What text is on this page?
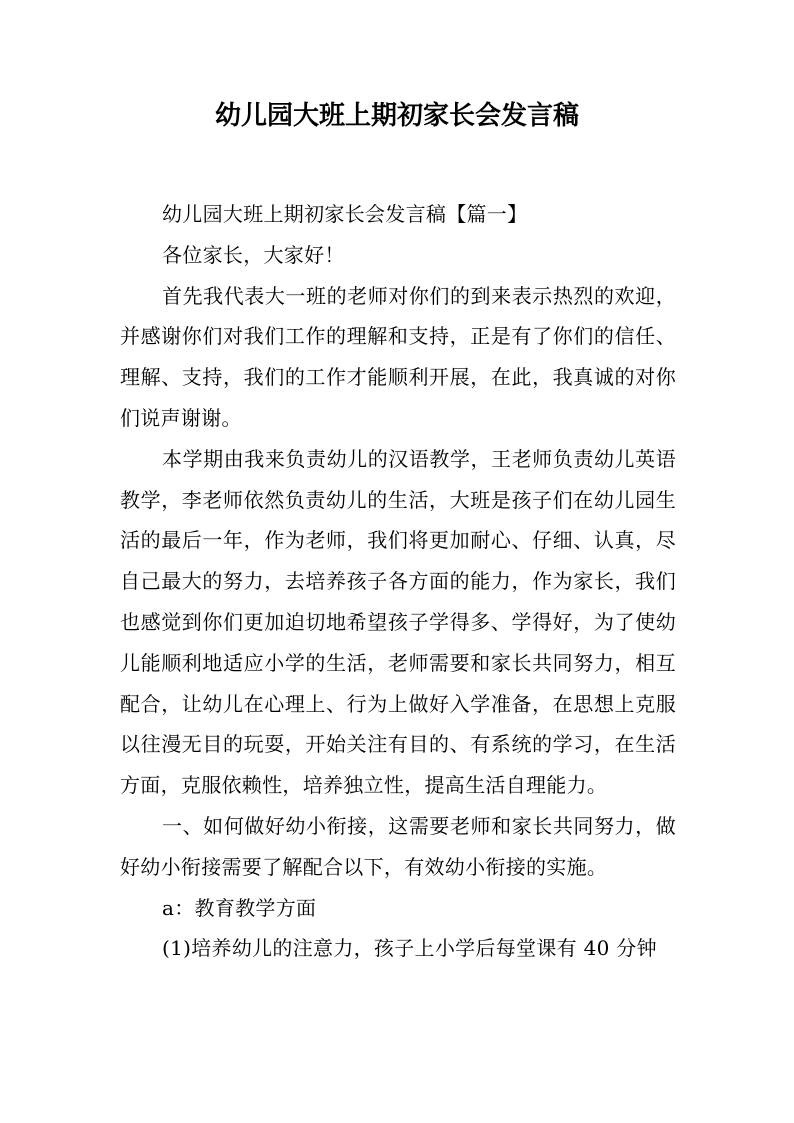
幼儿园大班上期初家长会发言稿

幼儿园大班上期初家长会发言稿【篇一】

各位家长，大家好！

首先我代表大一班的老师对你们的到来表示热烈的欢迎，并感谢你们对我们工作的理解和支持，正是有了你们的信任、理解、支持，我们的工作才能顺利开展，在此，我真诚的对你们说声谢谢。

本学期由我来负责幼儿的汉语教学，王老师负责幼儿英语教学，李老师依然负责幼儿的生活，大班是孩子们在幼儿园生活的最后一年，作为老师，我们将更加耐心、仔细、认真，尽自己最大的努力，去培养孩子各方面的能力，作为家长，我们也感觉到你们更加迫切地希望孩子学得多、学得好，为了使幼儿能顺利地适应小学的生活，老师需要和家长共同努力，相互配合，让幼儿在心理上、行为上做好入学准备，在思想上克服以往漫无目的玩耍，开始关注有目的、有系统的学习，在生活方面，克服依赖性，培养独立性，提高生活自理能力。

一、如何做好幼小衔接，这需要老师和家长共同努力，做好幼小衔接需要了解配合以下，有效幼小衔接的实施。

a：教育教学方面

(1)培养幼儿的注意力，孩子上小学后每堂课有 40 分钟
